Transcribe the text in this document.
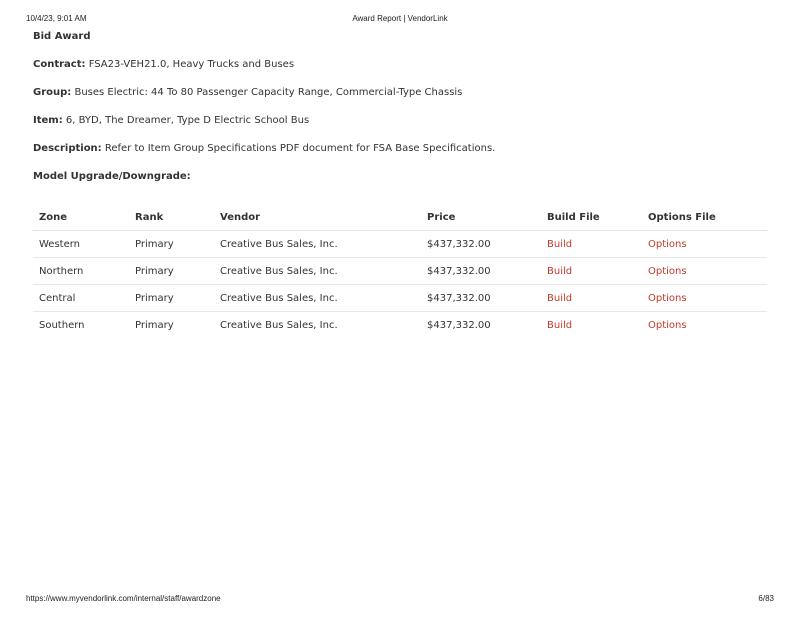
10/4/23, 9:01 AM	Award Report | VendorLink
Bid Award
Contract: FSA23-VEH21.0, Heavy Trucks and Buses
Group: Buses Electric: 44 To 80 Passenger Capacity Range, Commercial-Type Chassis
Item: 6, BYD, The Dreamer, Type D Electric School Bus
Description: Refer to Item Group Specifications PDF document for FSA Base Specifications.
Model Upgrade/Downgrade:
Zone	Rank	Vendor	Price	Build File	Options File
Western	Primary	Creative Bus Sales, Inc.	$437,332.00	Build	Options
Northern	Primary	Creative Bus Sales, Inc.	$437,332.00	Build	Options
Central	Primary	Creative Bus Sales, Inc.	$437,332.00	Build	Options
Southern	Primary	Creative Bus Sales, Inc.	$437,332.00	Build	Options
https://www.myvendorlink.com/internal/staff/awardzone	6/83
